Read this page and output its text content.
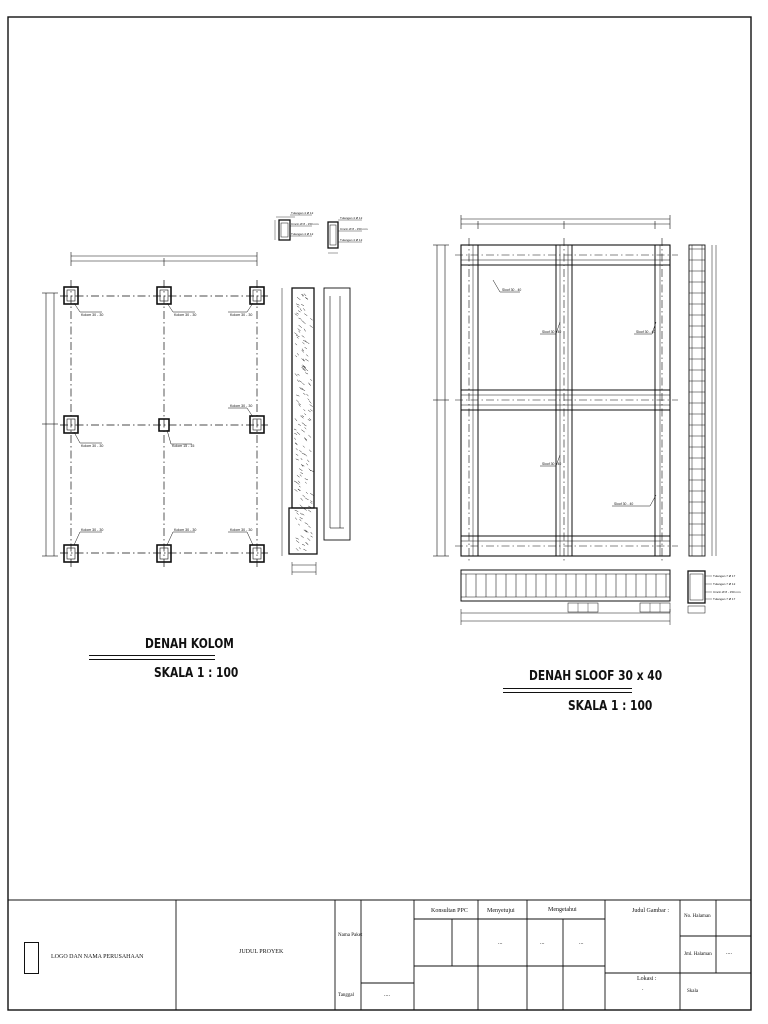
Kolom 30 - 30	Kolom 30 - 30	Kolom 30 - 30
Kolom 30 - 30
Kolom 30 - 30	Kolom 15 - 15
Kolom 30 - 30	Kolom 30 - 30	Kolom 30 - 30
Tulangan 4 Ø 12
Cincin Ø 8 - 150 mm
Tulangan 4 Ø 12
Tulangan 4 Ø 12
Cincin Ø 8 - 150 mm
Tulangan 4 Ø 12
Sloof 30 - 40
Sloof 30 - 40	Sloof 30 - 40
Sloof 30 - 40
Sloof 30 - 40
Tulangan 7 Ø 17
Tulangan 7 Ø 12
Cincin Ø 8 - 150 mm
Tulangan 7 Ø 17
DENAH KOLOM
SKALA 1 : 100	DENAH SLOOF 30 x 40
SKALA 1 : 100
LOGO DAN NAMA PERUSAHAAN
JUDUL PROYEK
Nama Paket
Tanggal	....
Konsultan PPC	Menyetujui	Mengetahui
...	...	...
Judul Gambar :
Lokasi :
.
No. Halaman
Jml. Halaman ....
Skala
